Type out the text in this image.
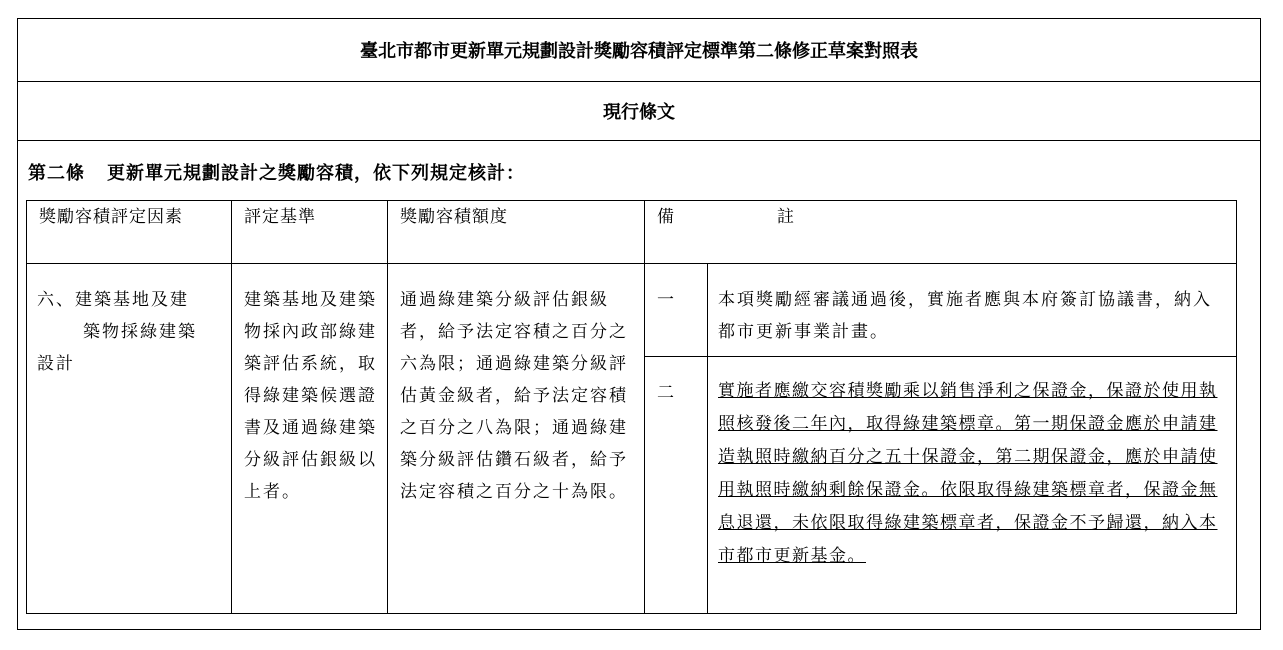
臺北市都市更新單元規劃設計獎勵容積評定標準第二條修正草案對照表
現行條文
第二條 更新單元規劃設計之獎勵容積，依下列規定核計：
獎勵容積評定因素	評定基準	獎勵容積額度	備 註	

六、建築基地及建
築物採綠建築
設計	建築基地及建築物採內政部綠建築評估系統，取得綠建築候選證書及通過綠建築分級評估銀級以上者。	通過綠建築分級評估銀級者，給予法定容積之百分之六為限；通過綠建築分級評估黃金級者，給予法定容積之百分之八為限；通過綠建築分級評估鑽石級者，給予法定容積之百分之十為限。	一	本項獎勵經審議通過後，實施者應與本府簽訂協議書，納入都市更新事業計畫。
			二	實施者應繳交容積獎勵乘以銷售淨利之保證金，保證於使用執照核發後二年內，取得綠建築標章。第一期保證金應於申請建造執照時繳納百分之五十保證金，第二期保證金，應於申請使用執照時繳納剩餘保證金。依限取得綠建築標章者，保證金無息退還，未依限取得綠建築標章者，保證金不予歸還，納入本市都市更新基金。
